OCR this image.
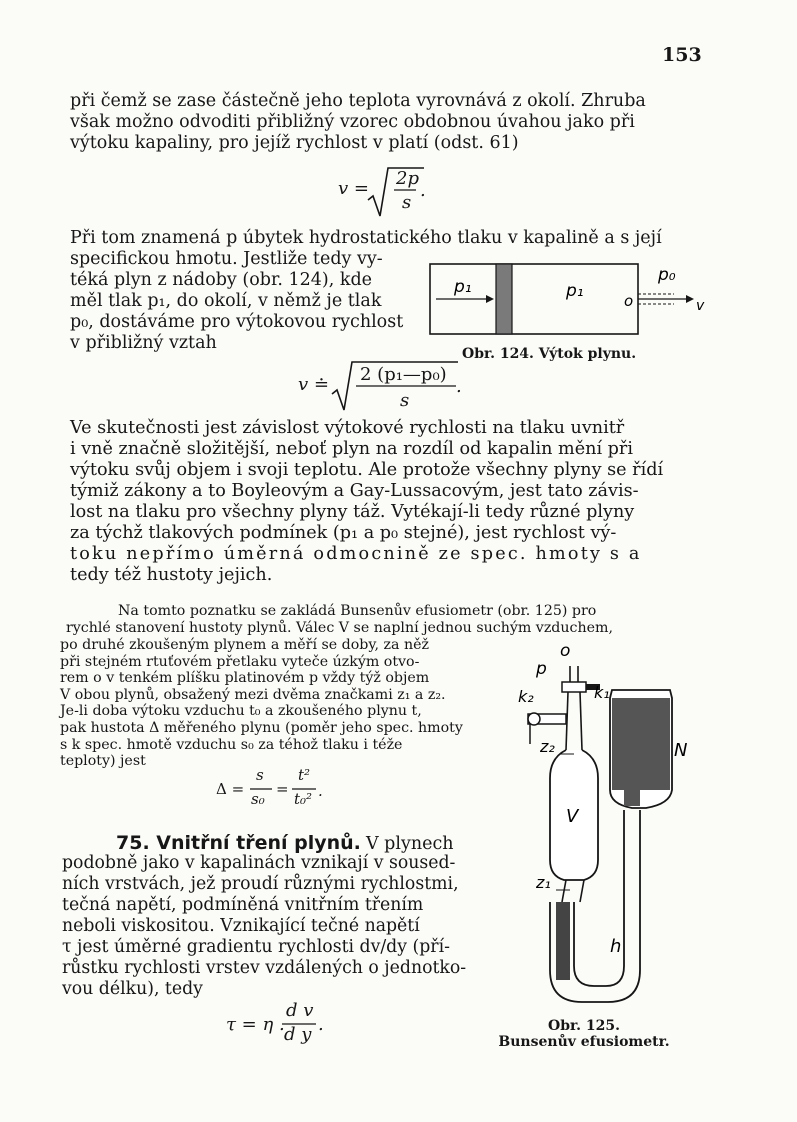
153
při čemž se zase částečně jeho teplota vyrovnává z okolí. Zhruba
však možno odvoditi přibližný vzorec obdobnou úvahou jako při
výtoku kapaliny, pro jejíž rychlost v platí (odst. 61)
v = 2p
s
.
Při tom znamená p úbytek hydrostatického tlaku v kapalině a s její
specifickou hmotu. Jestliže tedy vy-
téká plyn z nádoby (obr. 124), kde
měl tlak p₁, do okolí, v němž je tlak
p₀, dostáváme pro výtokovou rychlost
v přibližný vztah
p₁	p₁
p₀
o	v
Obr. 124. Výtok plynu.
v ≐ 2 (p₁—p₀)
s
.
Ve skutečnosti jest závislost výtokové rychlosti na tlaku uvnitř
i vně značně složitější, neboť plyn na rozdíl od kapalin mění při
výtoku svůj objem i svoji teplotu. Ale protože všechny plyny se řídí
týmiž zákony a to Boyleovým a Gay-Lussacovým, jest tato závis-
lost na tlaku pro všechny plyny táž. Vytékají-li tedy různé plyny
za týchž tlakových podmínek (p₁ a p₀ stejné), jest rychlost vý-
toku nepřímo úměrná odmocnině ze spec. hmoty s a
tedy též hustoty jejich.
Na tomto poznatku se zakládá Bunsenův efusiometr (obr. 125) pro
rychlé stanovení hustoty plynů. Válec V se naplní jednou suchým vzduchem,
po druhé zkoušeným plynem a měří se doby, za něž
při stejném rtuťovém přetlaku vyteče úzkým otvo-
rem o v tenkém plíšku platinovém p vždy týž objem
V obou plynů, obsažený mezi dvěma značkami z₁ a z₂.
Je-li doba výtoku vzduchu t₀ a zkoušeného plynu t,
pak hustota Δ měřeného plynu (poměr jeho spec. hmoty
s k spec. hmotě vzduchu s₀ za téhož tlaku i téže
teploty) jest
Δ =
s
s₀
=
t²
t₀² .
75. Vnitřní tření plynů. V plynech
podobně jako v kapalinách vznikají v soused-
ních vrstvách, jež proudí různými rychlostmi,
tečná napětí, podmíněná vnitřním třením
neboli viskositou. Vznikající tečné napětí
τ jest úměrné gradientu rychlosti dv/dy (pří-
růstku rychlosti vrstev vzdálených o jednotko-
vou délku), tedy
τ = η .
d v
d y .
o
p
k₁
k₂
z₂
V
N
z₁
h
Obr. 125.
Bunsenův efusiometr.
